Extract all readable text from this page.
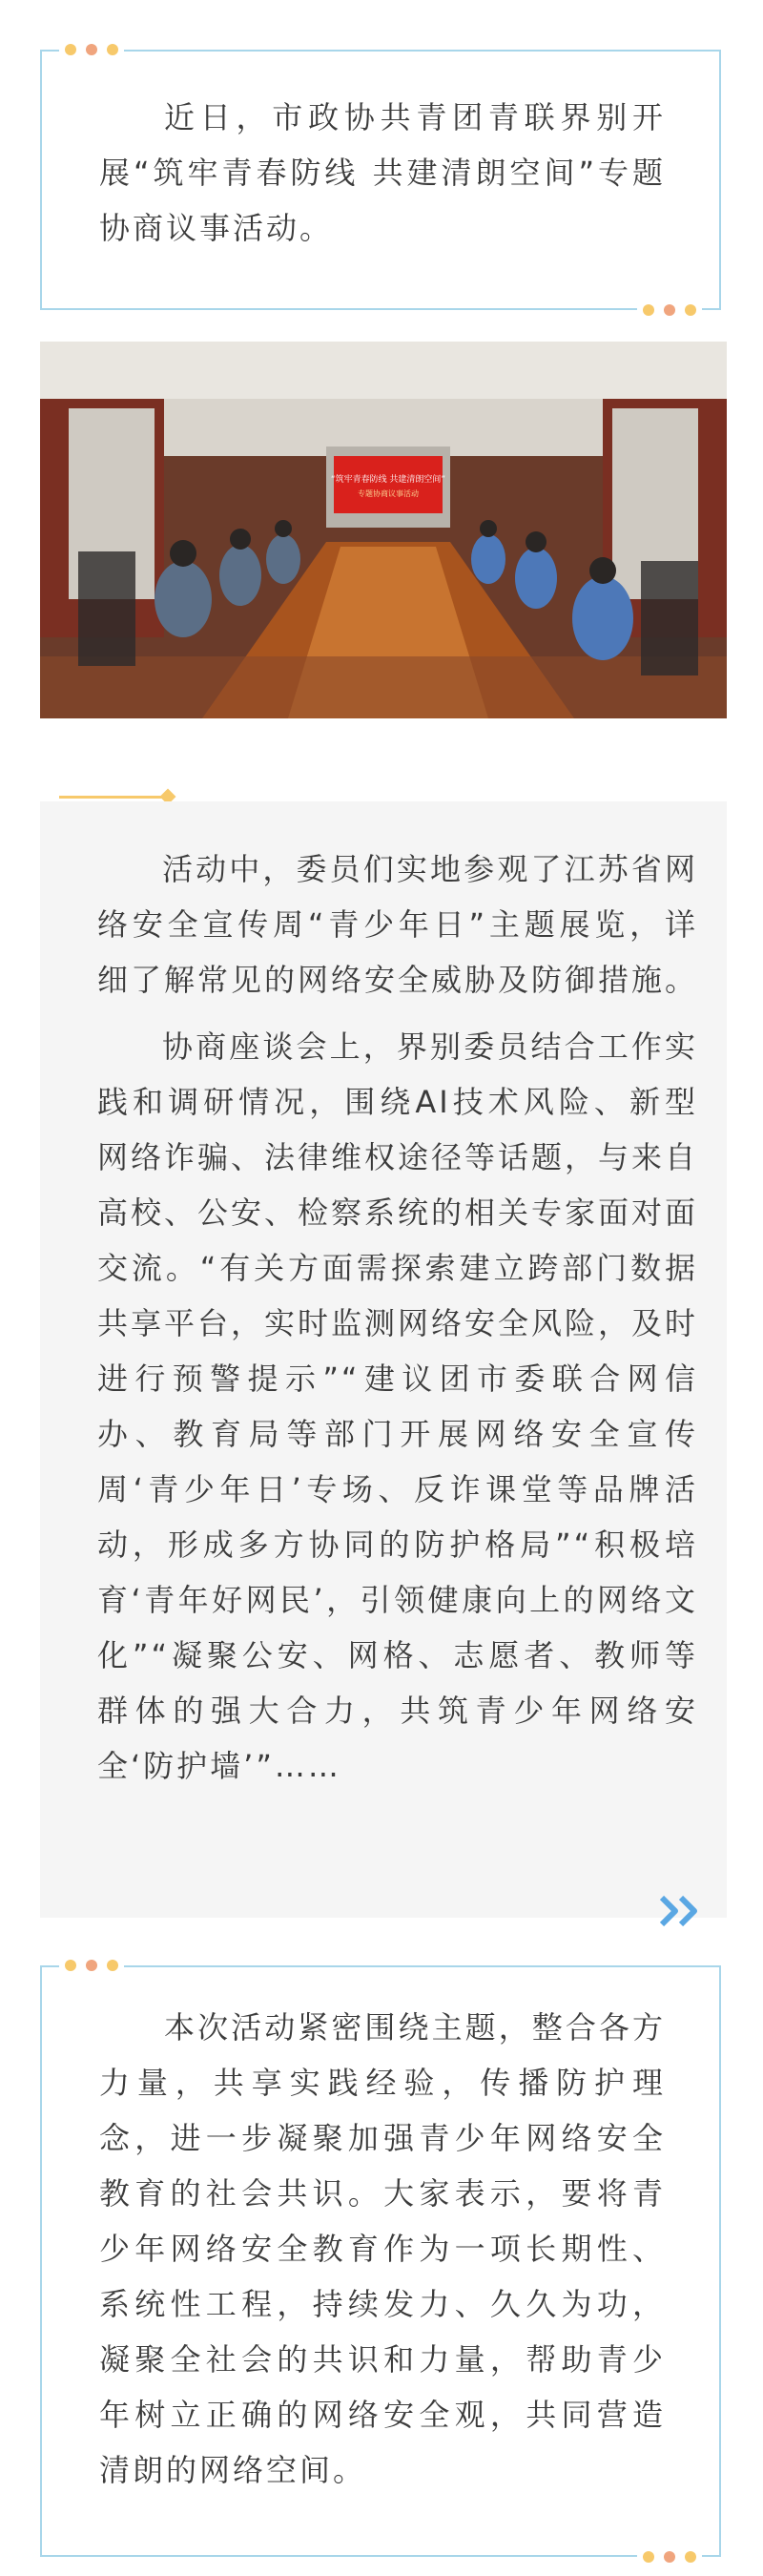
近日，市政协共青团青联界别开展“筑牢青春防线 共建清朗空间”专题协商议事活动。

“筑牢青春防线 共建清朗空间”
专题协商议事活动

活动中，委员们实地参观了江苏省网络安全宣传周“青少年日”主题展览，详细了解常见的网络安全威胁及防御措施。

协商座谈会上，界别委员结合工作实践和调研情况，围绕AI技术风险、新型网络诈骗、法律维权途径等话题，与来自高校、公安、检察系统的相关专家面对面交流。“有关方面需探索建立跨部门数据共享平台，实时监测网络安全风险，及时进行预警提示”“建议团市委联合网信办、教育局等部门开展网络安全宣传周‘青少年日’专场、反诈课堂等品牌活动，形成多方协同的防护格局”“积极培育‘青年好网民’，引领健康向上的网络文化”“凝聚公安、网格、志愿者、教师等群体的强大合力，共筑青少年网络安全‘防护墙’”……

本次活动紧密围绕主题，整合各方力量，共享实践经验，传播防护理念，进一步凝聚加强青少年网络安全教育的社会共识。大家表示，要将青少年网络安全教育作为一项长期性、系统性工程，持续发力、久久为功，凝聚全社会的共识和力量，帮助青少年树立正确的网络安全观，共同营造清朗的网络空间。
